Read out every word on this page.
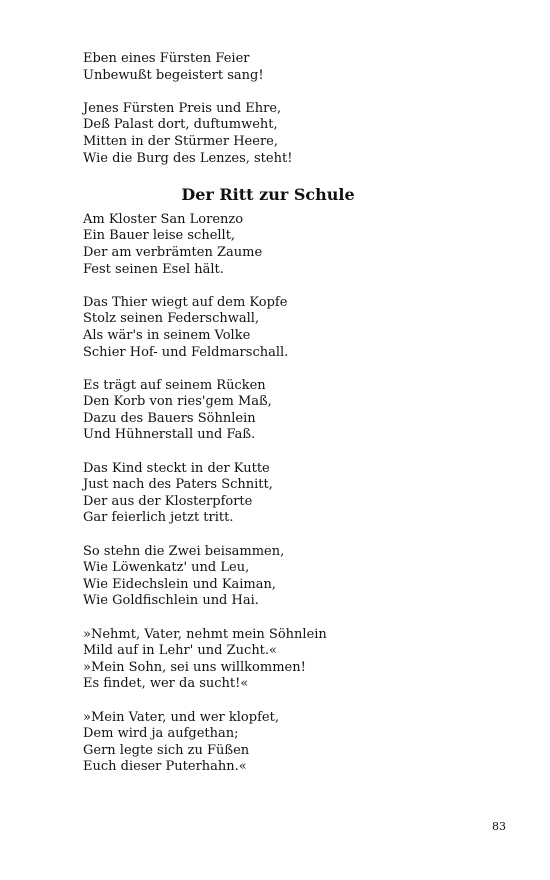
Eben eines Fürsten Feier
Unbewußt begeistert sang!
Jenes Fürsten Preis und Ehre,
Deß Palast dort, duftumweht,
Mitten in der Stürmer Heere,
Wie die Burg des Lenzes, steht!
Der Ritt zur Schule
Am Kloster San Lorenzo
Ein Bauer leise schellt,
Der am verbrämten Zaume
Fest seinen Esel hält.
Das Thier wiegt auf dem Kopfe
Stolz seinen Federschwall,
Als wär's in seinem Volke
Schier Hof- und Feldmarschall.
Es trägt auf seinem Rücken
Den Korb von ries'gem Maß,
Dazu des Bauers Söhnlein
Und Hühnerstall und Faß.
Das Kind steckt in der Kutte
Just nach des Paters Schnitt,
Der aus der Klosterpforte
Gar feierlich jetzt tritt.
So stehn die Zwei beisammen,
Wie Löwenkatz' und Leu,
Wie Eidechslein und Kaiman,
Wie Goldfischlein und Hai.
»Nehmt, Vater, nehmt mein Söhnlein
Mild auf in Lehr' und Zucht.«
»Mein Sohn, sei uns willkommen!
Es findet, wer da sucht!«
»Mein Vater, und wer klopfet,
Dem wird ja aufgethan;
Gern legte sich zu Füßen
Euch dieser Puterhahn.«
83
